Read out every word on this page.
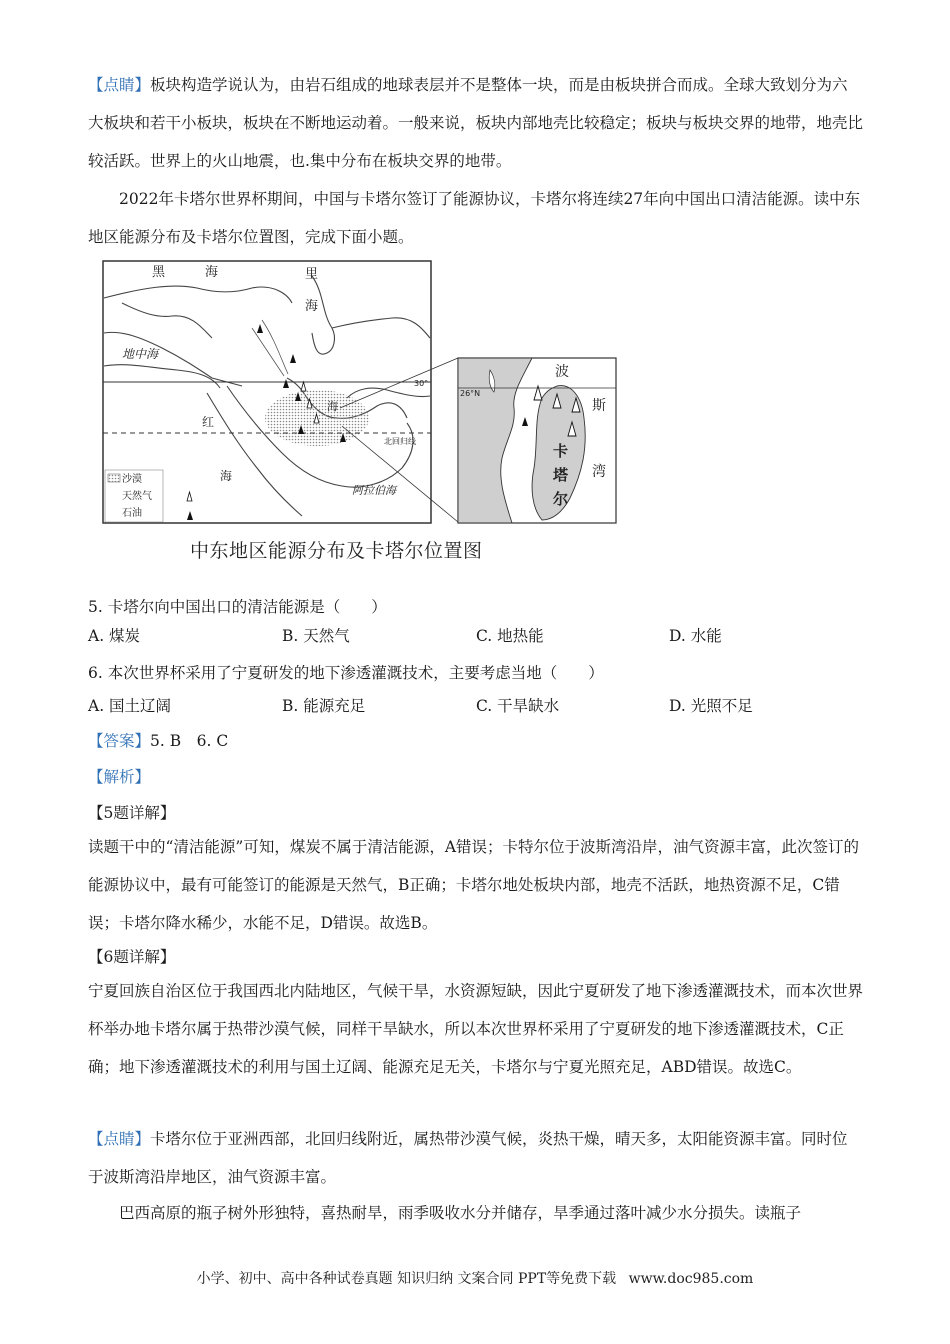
【点睛】板块构造学说认为，由岩石组成的地球表层并不是整体一块，而是由板块拼合而成。全球大致划分为六大板块和若干小板块，板块在不断地运动着。一般来说，板块内部地壳比较稳定；板块与板块交界的地带，地壳比较活跃。世界上的火山地震，也.集中分布在板块交界的地带。

2022年卡塔尔世界杯期间，中国与卡塔尔签订了能源协议，卡塔尔将连续27年向中国出口清洁能源。读中东地区能源分布及卡塔尔位置图，完成下面小题。

沙漠
天然气
石油
黑	海	里
海
地中海
红
海
海
阿拉伯海
北回归线
30°
26°N
波
斯
湾
卡
塔
尔
中东地区能源分布及卡塔尔位置图

5. 卡塔尔向中国出口的清洁能源是（　　）

A. 煤炭	B. 天然气	C. 地热能	D. 水能

6. 本次世界杯采用了宁夏研发的地下渗透灌溉技术，主要考虑当地（　　）

A. 国土辽阔	B. 能源充足	C. 干旱缺水	D. 光照不足

【答案】5. B　6. C

【解析】

【5题详解】

读题干中的“清洁能源”可知，煤炭不属于清洁能源，A错误；卡特尔位于波斯湾沿岸，油气资源丰富，此次签订的能源协议中，最有可能签订的能源是天然气，B正确；卡塔尔地处板块内部，地壳不活跃，地热资源不足，C错误；卡塔尔降水稀少，水能不足，D错误。故选B。

【6题详解】

宁夏回族自治区位于我国西北内陆地区，气候干旱，水资源短缺，因此宁夏研发了地下渗透灌溉技术，而本次世界杯举办地卡塔尔属于热带沙漠气候，同样干旱缺水，所以本次世界杯采用了宁夏研发的地下渗透灌溉技术，C正确；地下渗透灌溉技术的利用与国土辽阔、能源充足无关，卡塔尔与宁夏光照充足，ABD错误。故选C。

【点睛】卡塔尔位于亚洲西部，北回归线附近，属热带沙漠气候，炎热干燥，晴天多，太阳能资源丰富。同时位于波斯湾沿岸地区，油气资源丰富。

巴西高原的瓶子树外形独特，喜热耐旱，雨季吸收水分并储存，旱季通过落叶减少水分损失。读瓶子

小学、初中、高中各种试卷真题 知识归纳 文案合同 PPT等免费下载 www.doc985.com
